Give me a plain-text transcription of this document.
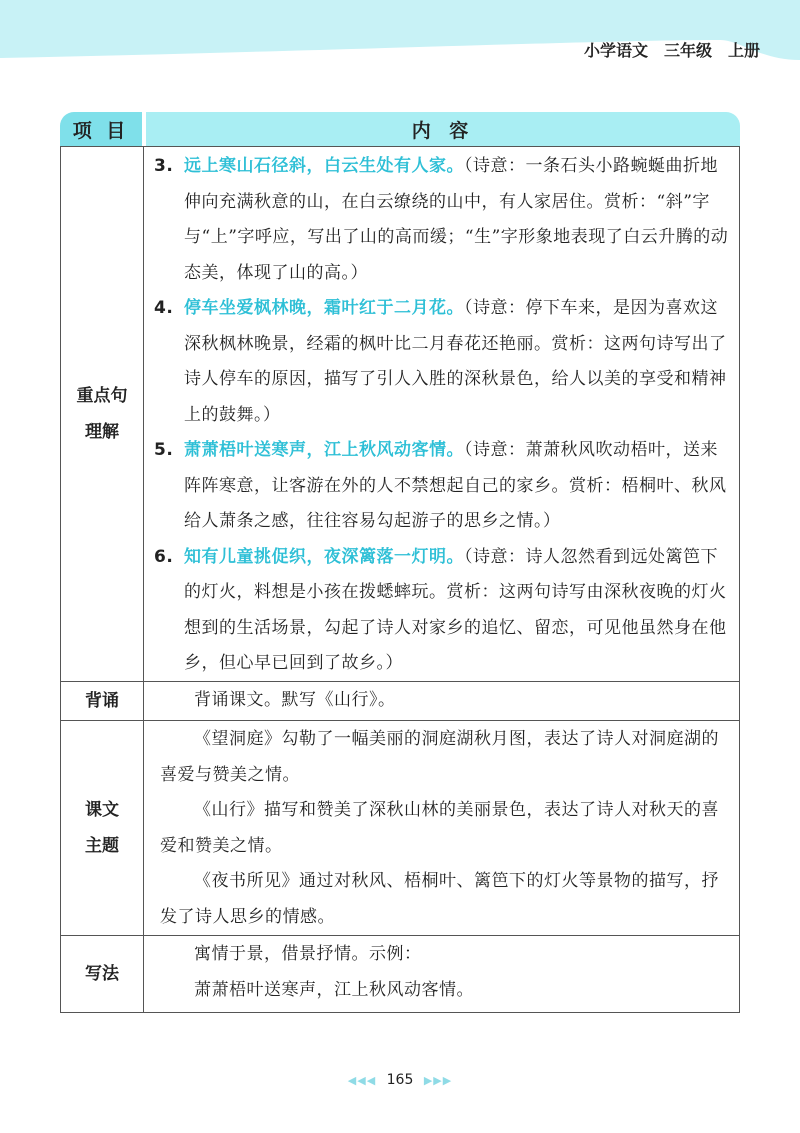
小学语文 三年级 上册
项 目	内 容
重点句理解
3. 远上寒山石径斜，白云生处有人家。（诗意：一条石头小路蜿蜒曲折地伸向充满秋意的山，在白云缭绕的山中，有人家居住。赏析：“斜”字与“上”字呼应，写出了山的高而缓；“生”字形象地表现了白云升腾的动态美，体现了山的高。）
4. 停车坐爱枫林晚，霜叶红于二月花。（诗意：停下车来，是因为喜欢这深秋枫林晚景，经霜的枫叶比二月春花还艳丽。赏析：这两句诗写出了诗人停车的原因，描写了引人入胜的深秋景色，给人以美的享受和精神上的鼓舞。）
5. 萧萧梧叶送寒声，江上秋风动客情。（诗意：萧萧秋风吹动梧叶，送来阵阵寒意，让客游在外的人不禁想起自己的家乡。赏析：梧桐叶、秋风给人萧条之感，往往容易勾起游子的思乡之情。）
6. 知有儿童挑促织，夜深篱落一灯明。（诗意：诗人忽然看到远处篱笆下的灯火，料想是小孩在拨蟋蟀玩。赏析：这两句诗写由深秋夜晚的灯火想到的生活场景，勾起了诗人对家乡的追忆、留恋，可见他虽然身在他乡，但心早已回到了故乡。）
背诵	背诵课文。默写《山行》。
课文主题
《望洞庭》勾勒了一幅美丽的洞庭湖秋月图，表达了诗人对洞庭湖的喜爱与赞美之情。
《山行》描写和赞美了深秋山林的美丽景色，表达了诗人对秋天的喜爱和赞美之情。
《夜书所见》通过对秋风、梧桐叶、篱笆下的灯火等景物的描写，抒发了诗人思乡的情感。
写法
寓情于景，借景抒情。示例：
萧萧梧叶送寒声，江上秋风动客情。
◀◀◀ 165 ▶▶▶
